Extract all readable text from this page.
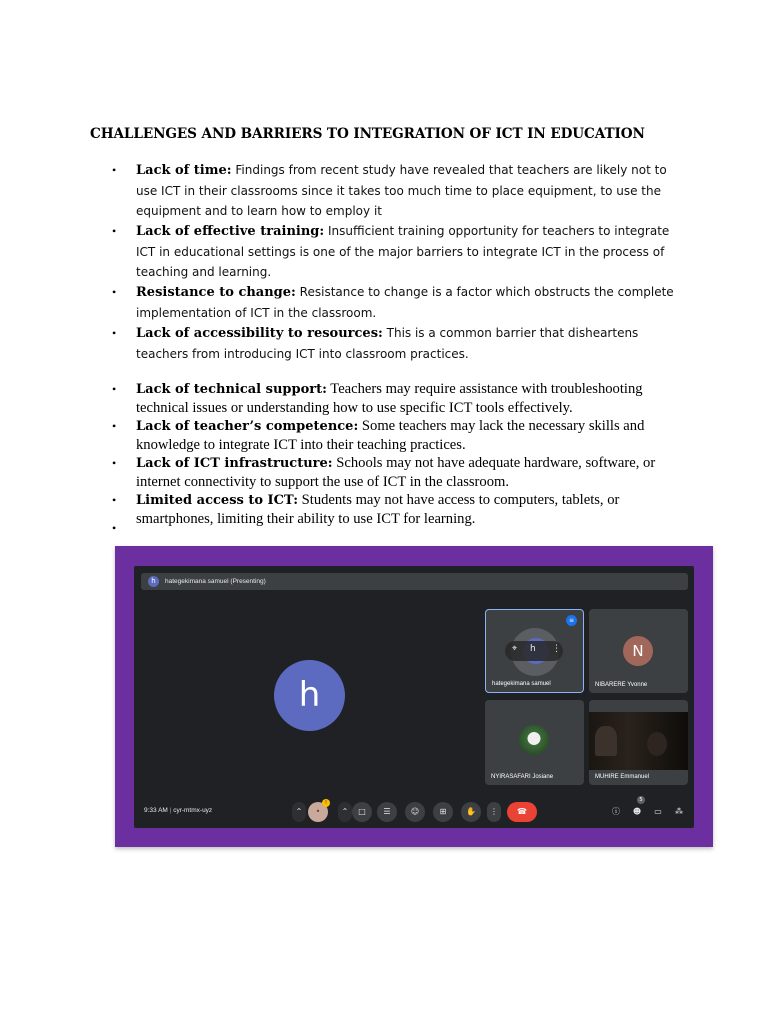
CHALLENGES AND BARRIERS TO INTEGRATION OF ICT IN EDUCATION
• Lack of time: Findings from recent study have revealed that teachers are likely not to use ICT in their classrooms since it takes too much time to place equipment, to use the equipment and to learn how to employ it
• Lack of effective training: Insufficient training opportunity for teachers to integrate ICT in educational settings is one of the major barriers to integrate ICT in the process of teaching and learning.
• Resistance to change: Resistance to change is a factor which obstructs the complete implementation of ICT in the classroom.
• Lack of accessibility to resources: This is a common barrier that disheartens teachers from introducing ICT into classroom practices.
• Lack of technical support: Teachers may require assistance with troubleshooting technical issues or understanding how to use specific ICT tools effectively.
• Lack of teacher’s competence: Some teachers may lack the necessary skills and knowledge to integrate ICT into their teaching practices.
• Lack of ICT infrastructure: Schools may not have adequate hardware, software, or internet connectivity to support the use of ICT in the classroom.
• Limited access to ICT: Students may not have access to computers, tablets, or smartphones, limiting their ability to use ICT for learning.
•
h	hategekimana samuel (Presenting)
h
⌖ h ⋮
≡
hategekimana samuel
N
NIBARERE Yvonne
NYIRASAFARI Josiane	MUHIRE Emmanuel
9:33 AM | cyr-mtmx-uyz	⌃	•
!
⌃	□	☰	☺	⊞	✋	⋮	☎	ⓘ ☻
5
▭ ⁂
